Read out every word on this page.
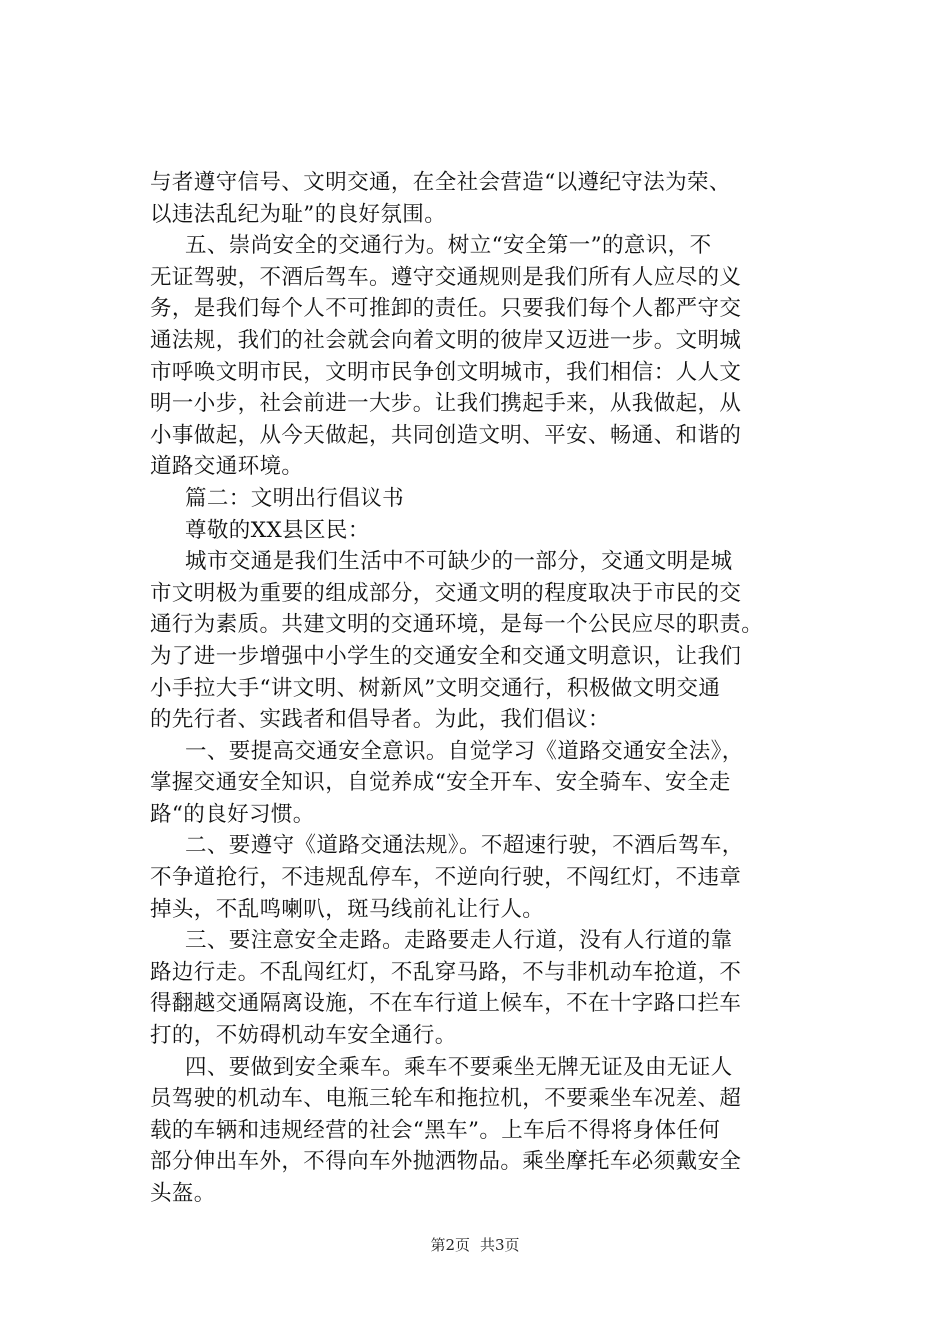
与者遵守信号、文明交通，在全社会营造“以遵纪守法为荣、
以违法乱纪为耻”的良好氛围。
五、崇尚安全的交通行为。树立“安全第一”的意识，不
无证驾驶，不酒后驾车。遵守交通规则是我们所有人应尽的义
务，是我们每个人不可推卸的责任。只要我们每个人都严守交
通法规，我们的社会就会向着文明的彼岸又迈进一步。文明城
市呼唤文明市民，文明市民争创文明城市，我们相信：人人文
明一小步，社会前进一大步。让我们携起手来，从我做起，从
小事做起，从今天做起，共同创造文明、平安、畅通、和谐的
道路交通环境。
篇二：文明出行倡议书
尊敬的XX县区民：
城市交通是我们生活中不可缺少的一部分，交通文明是城
市文明极为重要的组成部分，交通文明的程度取决于市民的交
通行为素质。共建文明的交通环境，是每一个公民应尽的职责。
为了进一步增强中小学生的交通安全和交通文明意识，让我们
小手拉大手“讲文明、树新风”文明交通行，积极做文明交通
的先行者、实践者和倡导者。为此，我们倡议：
一、要提高交通安全意识。自觉学习《道路交通安全法》，
掌握交通安全知识，自觉养成“安全开车、安全骑车、安全走
路“的良好习惯。
二、要遵守《道路交通法规》。不超速行驶，不酒后驾车，
不争道抢行，不违规乱停车，不逆向行驶，不闯红灯，不违章
掉头，不乱鸣喇叭，斑马线前礼让行人。
三、要注意安全走路。走路要走人行道，没有人行道的靠
路边行走。不乱闯红灯，不乱穿马路，不与非机动车抢道，不
得翻越交通隔离设施，不在车行道上候车，不在十字路口拦车
打的，不妨碍机动车安全通行。
四、要做到安全乘车。乘车不要乘坐无牌无证及由无证人
员驾驶的机动车、电瓶三轮车和拖拉机，不要乘坐车况差、超
载的车辆和违规经营的社会“黑车”。上车后不得将身体任何
部分伸出车外，不得向车外抛洒物品。乘坐摩托车必须戴安全
头盔。
第2页 共3页
